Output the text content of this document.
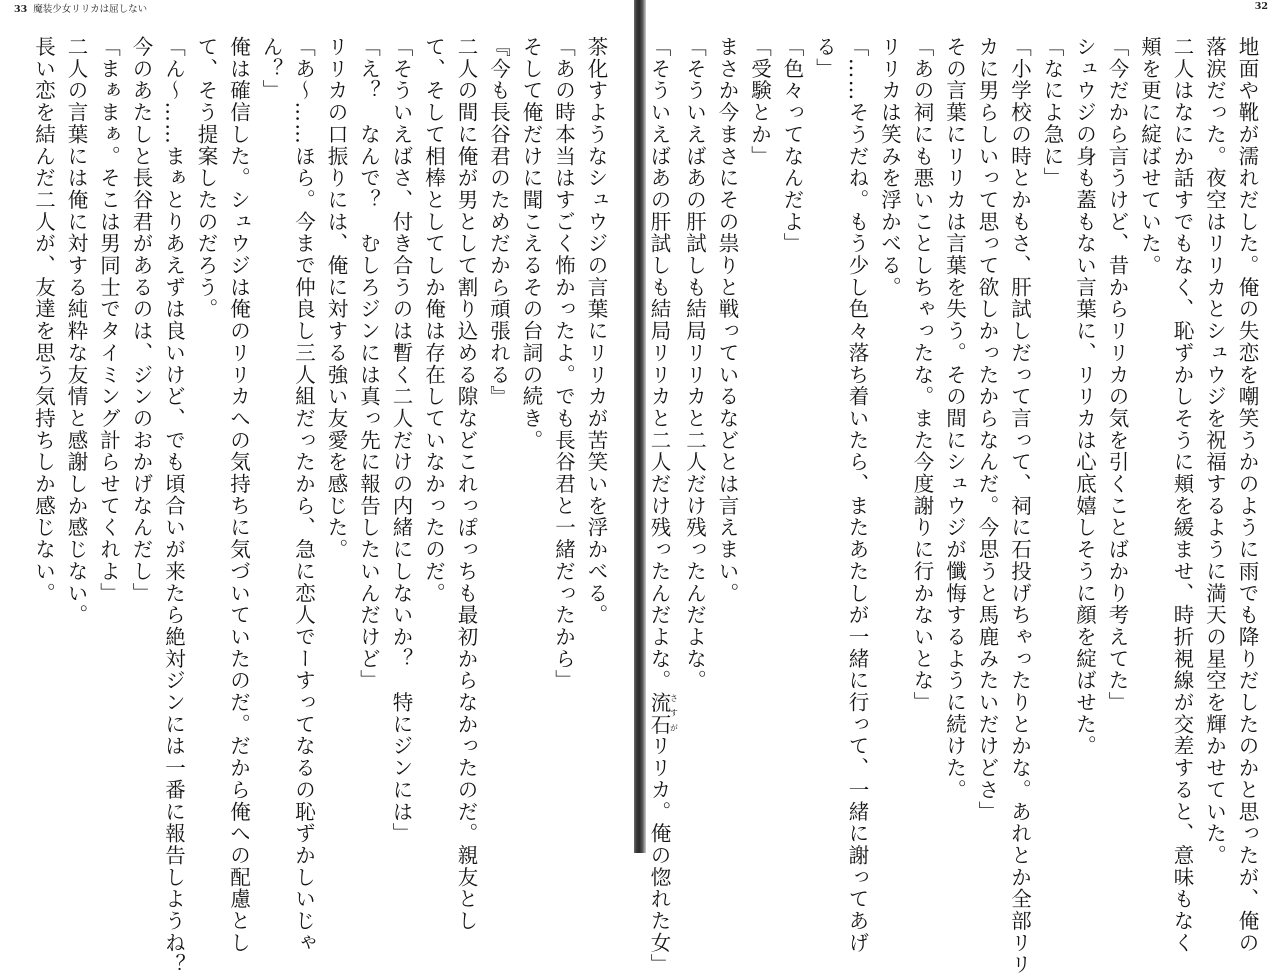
33 魔装少女リリカは屈しない
茶化すようなシュウジの言葉にリリカが苦笑いを浮かべる。
「あの時本当はすごく怖かったよ。でも長谷君と一緒だったから」
そして俺だけに聞こえるその台詞の続き。
『今も長谷君のためだから頑張れる』
二人の間に俺が男として割り込める隙などこれっぽっちも最初からなかったのだ。親友とし
て、そして相棒としてしか俺は存在していなかったのだ。
「そういえばさ、付き合うのは暫く二人だけの内緒にしないか？　特にジンには」
「え？　なんで？　むしろジンには真っ先に報告したいんだけど」
リリカの口振りには、俺に対する強い友愛を感じた。
「あ～……ほら。今まで仲良し三人組だったから、急に恋人でーすってなるの恥ずかしいじゃ
ん？」
俺は確信した。シュウジは俺のリリカへの気持ちに気づいていたのだ。だから俺への配慮とし
て、そう提案したのだろう。
「ん～……まぁとりあえずは良いけど、でも頃合いが来たら絶対ジンには一番に報告しようね？
今のあたしと長谷君があるのは、ジンのおかげなんだし」
「まぁまぁ。そこは男同士でタイミング計らせてくれよ」
二人の言葉には俺に対する純粋な友情と感謝しか感じない。
長い恋を結んだ二人が、友達を思う気持ちしか感じない。
32
地面や靴が濡れだした。俺の失恋を嘲笑うかのように雨でも降りだしたのかと思ったが、俺の
落涙だった。夜空はリリカとシュウジを祝福するように満天の星空を輝かせていた。
二人はなにか話すでもなく、恥ずかしそうに頬を緩ませ、時折視線が交差すると、意味もなく
頬を更に綻ばせていた。
「今だから言うけど、昔からリリカの気を引くことばかり考えてた」
シュウジの身も蓋もない言葉に、リリカは心底嬉しそうに顔を綻ばせた。
「なによ急に」
「小学校の時とかもさ、肝試しだって言って、祠に石投げちゃったりとかな。あれとか全部リリ
カに男らしいって思って欲しかったからなんだ。今思うと馬鹿みたいだけどさ」
その言葉にリリカは言葉を失う。その間にシュウジが懺悔するように続けた。
「あの祠にも悪いことしちゃったな。また今度謝りに行かないとな」
リリカは笑みを浮かべる。
「……そうだね。もう少し色々落ち着いたら、またあたしが一緒に行って、一緒に謝ってあげ
る」
「色々ってなんだよ」
「受験とか」
まさか今まさにその祟りと戦っているなどとは言えまい。
「そういえばあの肝試しも結局リリカと二人だけ残ったんだよな。
「そういえばあの肝試しも結局リリカと二人だけ残ったんだよな。流石さすがリリカ。俺の惚れた女」
